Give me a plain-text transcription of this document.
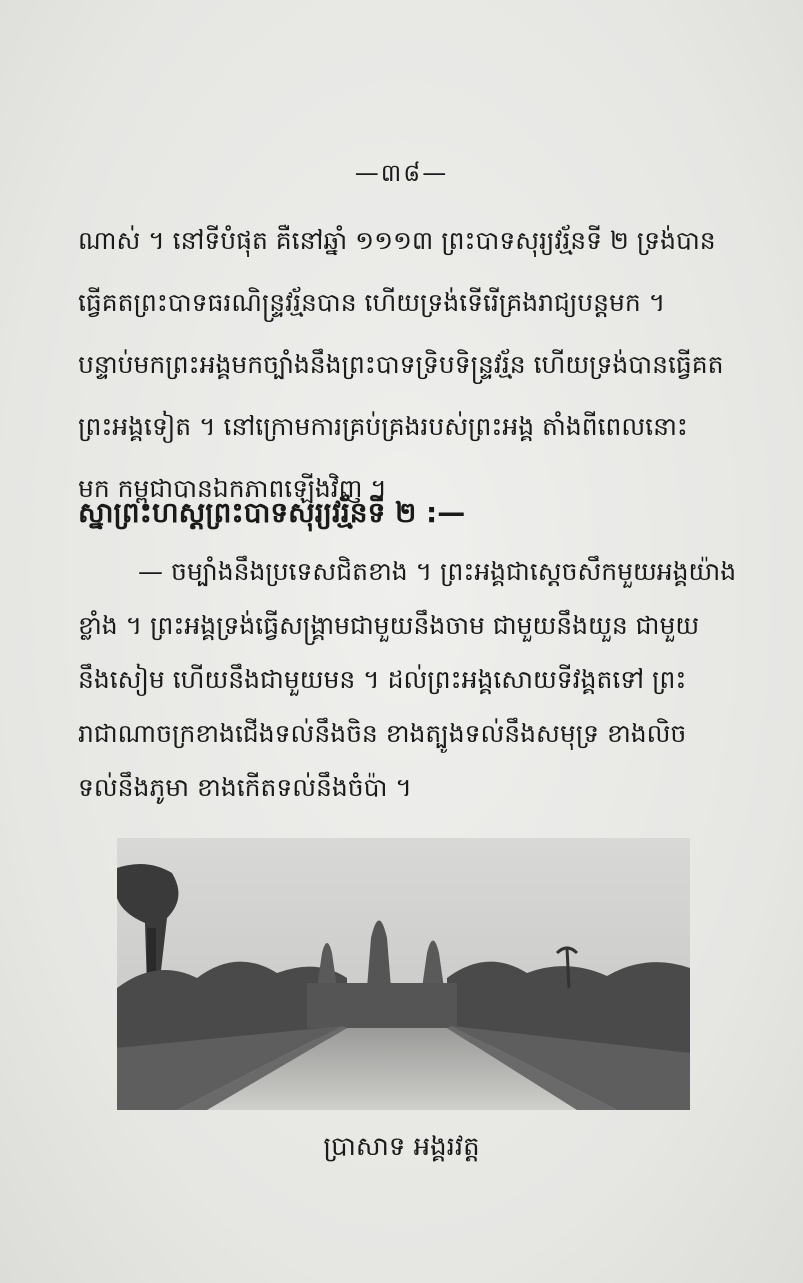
—៣៨—
ណាស់ ។ នៅទីបំផុត គឺនៅឆ្នាំ ១១១៣ ព្រះបាទសុរ្យវរ្ម័នទី ២ ទ្រង់បាន
ធ្វើគតព្រះបាទធរណិន្ទ្រវរ្ម័នបាន ហើយទ្រង់ទើរើគ្រងរាជ្យបន្តមក ។
បន្ទាប់មកព្រះអង្គមកច្បាំងនឹងព្រះបាទទ្រិបទិន្ទ្រវរ្ម័ន ហើយទ្រង់បានធ្វើគត
ព្រះអង្គទៀត ។ នៅក្រោមការគ្រប់គ្រងរបស់ព្រះអង្គ តាំងពីពេលនោះ
មក កម្ពុជាបានឯកភាពឡើងវិញ ។
ស្នាព្រះហស្តព្រះបាទសុរ្យវរ្ម័នទី ២ :—
— ចម្បាំងនឹងប្រទេសជិតខាង ។ ព្រះអង្គជាស្ដេចសឹកមួយអង្គយ៉ាង
ខ្លាំង ។ ព្រះអង្គទ្រង់ធ្វើសង្គ្រាមជាមួយនឹងចាម ជាមួយនឹងយួន ជាមួយ
នឹងសៀម ហើយនឹងជាមួយមន ។ ដល់ព្រះអង្គសោយទីវង្គតទៅ ព្រះ
រាជាណាចក្រខាងជើងទល់នឹងចិន ខាងត្បូងទល់នឹងសមុទ្រ ខាងលិច
ទល់នឹងភូមា ខាងកើតទល់នឹងចំប៉ា ។
ប្រាសាទ អង្គរវត្ត
